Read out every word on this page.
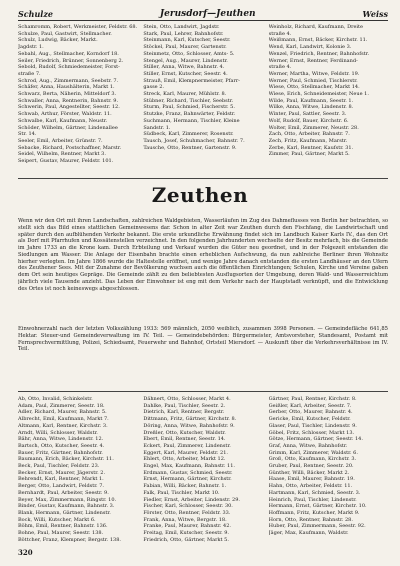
Schulze	Jerusdorf—Jeuthen	Weiss

Schamromm, Robert, Werkmeister, Feldstr. 68.

Schulze, Paul, Gastwirt, Stellmacher.

Schulz, Ludwig, Bäcker, Markt.

Jagdstr. 1.

Sebahl, Aug., Stellmacher, Korndorf 18.

Seiler, Friedrich, Brünner, Sonnenberg 2.

Sebold, Rudolf, Schmiedemeister, Forst-

straße 7.

Schrod, Aug., Zimmermann, Seebstr. 7.

Schäfer, Anna, Haushälterin, Markt 1.

Schwarz, Berta, Näherin, Mitteldorf 3.

Schwaller, Anna, Rentnerin, Bahnstr. 9.

Schwerin, Paul, Angestellter, Seestr. 12.

Schwab, Arthur, Förster, Waldstr. 11.

Schwalbe, Karl, Kaufmann, Neustr.

Schöder, Wilhelm, Gärtner, Lindenallee

Str. 14.

Seeler, Emil, Arbeiter, Grünstr. 7.

Sebacke, Richard, Postschaffner, Marstr.

Seidel, Wilhelm, Rentner, Markt 3.

Seipert, Gustav, Maurer, Feldstr. 101.

Stein, Otto, Landwirt, Jagdstr.

Stark, Paul, Lehrer, Bahnhofstr.

Steinmann, Karl, Kutscher, Seestr.

Stöckel, Paul, Maurer, Gartenstr.

Steinmetz, Otto, Schlosser, Amts- 5.

Stengel, Aug., Maurer, Lindenstr.

Stiller, Anna, Witwe, Bahnstr. 4.

Stiller, Ernst, Kutscher, Seestr. 4.

Strauß, Emil, Klempnermeister, Pfarr-

gasse 2.

Streck, Karl, Maurer, Mühlstr. 8.

Stübner, Richard, Tischler, Seebstr.

Sturm, Paul, Schmied, Fischerstr. 5.

Stutzke, Franz, Bahnwärter, Feldstr.

Suchmann, Hermann, Tischler, Kleine

Sandstr. 1.

Südbeck, Karl, Zimmerer, Rosenstr.

Tausch, Josef, Schuhmacher, Bahnstr. 7.

Tausche, Otto, Rentner, Gartenstr. 9.

Weinholz, Richard, Kaufmann, Dreite

straße 4.

Weißmann, Ernst, Bäcker, Kirchstr. 11.

Wend, Karl, Landwirt, Kolonie 3.

Wenzel, Friedrich, Rentner, Bahnhofstr.

Werner, Ernst, Rentner, Ferdinand-

straße 4.

Werner, Martha, Witwe, Feldstr. 19.

Werner, Paul, Schmied, Tischlerstr.

Wiese, Otto, Stellmacher, Markt 14.

Wiese, Erich, Schneidemeister, Neue 1.

Wilde, Paul, Kaufmann, Seestr. 1.

Wilke, Anna, Witwe, Lindenstr. 8.

Winter, Paul, Sattler, Seestr. 3.

Wolf, Rudolf, Bauer, Kirchstr. 6.

Wolter, Emil, Zimmerer, Neustr. 28.

Zach, Otto, Arbeiter, Bahnstr. 7.

Zech, Fritz, Kaufmann, Marstr.

Zerbe, Karl, Rentner, Kaufstr. 31.

Zimmer, Paul, Gärtner, Markt 5.

Zeuthen
Wenn wir den Ort mit ihren Landschaften, zahlreichen Waldgebieten, Wasserläufen im Zug des Dahmeflusses von Berlin her betrachten, so stellt sich das Bild eines stattlichen Gemeinwesens dar. Schon in alter Zeit war Zeuthen durch den Fischfang, die Landwirtschaft und später durch den aufblühenden Verkehr bekannt. Die erste urkundliche Erwähnung findet sich im Landbuch Kaiser Karls IV., das den Ort als Dorf mit Pfarrhufen und Kossätenstellen verzeichnet. In den folgenden Jahrhunderten wechselte der Besitz mehrfach, bis die Gemeinde im Jahre 1733 an die Krone kam. Durch Erbteilung und Verkauf wurden die Güter neu geordnet, und in der Folgezeit entstanden die Siedlungen am Wasser. Die Anlage der Eisenbahn brachte einen erheblichen Aufschwung, da nun zahlreiche Berliner ihren Wohnsitz hierher verlegten. Im Jahre 1866 wurde die Haltestelle eröffnet, und wenige Jahre danach entstanden die ersten Landhäuser an den Ufern des Zeuthener Sees. Mit der Zunahme der Bevölkerung wuchsen auch die öffentlichen Einrichtungen; Schulen, Kirche und Vereine gaben dem Ort sein heutiges Gepräge. Die Gemeinde zählt zu den beliebtesten Ausflugsorten der Umgebung, deren Wald- und Wasserreichtum jährlich viele Tausende anzieht. Das Leben der Einwohner ist eng mit dem Verkehr nach der Hauptstadt verknüpft, und die Entwicklung des Ortes ist noch keineswegs abgeschlossen.
Einwohnerzahl nach der letzten Volkszählung 1933: 569 männlich, 2050 weiblich, zusammen 3998 Personen. — Gemeindefläche 641,85 Hektar. Steuer-und Gemeindeverwaltung im IV. Teil. — Gemeindebehörden: Bürgermeister, Amtsvorsteher, Standesamt, Postamt mit Fernsprechvermittlung, Polizei, Schiedsamt, Feuerwehr und Bahnhof, Ortsteil Miersdorf. — Auskunft über die Verkehrsverhältnisse im IV. Teil.

Ab, Otto, Invalid, Schinkelstr.

Adam, Paul, Zimmerer, Seestr. 18.

Adler, Richard, Maurer, Bahnstr. 5.

Albrecht, Emil, Kaufmann, Markt 7.

Altmann, Karl, Rentner, Kirchstr. 3.

Arndt, Willi, Schlosser, Waldstr.

Bähr, Anna, Witwe, Lindenstr. 12.

Bartsch, Otto, Kutscher, Seestr. 4.

Bauer, Fritz, Gärtner, Bahnhofstr.

Baumann, Erich, Bäcker, Kirchstr. 11.

Beck, Paul, Tischler, Feldstr. 23.

Becker, Ernst, Maurer, Jägerstr. 2.

Behrendt, Karl, Rentner, Markt 1.

Berger, Otto, Landwirt, Feldstr. 7.

Bernhardt, Paul, Arbeiter, Seestr. 9.

Beyer, Max, Zimmermann, Ringstr. 10.

Binder, Gustav, Kaufmann, Bahnstr. 3.

Blank, Hermann, Gärtner, Lindenstr.

Bock, Willi, Kutscher, Markt 6.

Böhm, Emil, Rentner, Bahnstr. 136.

Bohne, Paul, Maurer, Seestr. 138.

Böttcher, Franz, Klempner, Bergstr. 138.

Dähnert, Otto, Schlosser, Markt 4.

Dahlke, Paul, Tischler, Seestr. 2.

Dietrich, Karl, Rentner, Bergstr.

Dittmann, Fritz, Gärtner, Kirchstr. 8.

Döring, Anna, Witwe, Bahnhofstr. 9.

Dreßler, Otto, Kutscher, Waldstr.

Ebert, Emil, Rentner, Seestr. 14.

Eckert, Paul, Zimmerer, Lindenstr.

Eggert, Karl, Maurer, Feldstr. 21.

Ehlert, Otto, Arbeiter, Markt 12.

Engel, Max, Kaufmann, Bahnstr. 11.

Erdmann, Gustav, Schmied, Seestr.

Ernst, Hermann, Gärtner, Kirchstr.

Fabian, Willi, Bäcker, Bahnstr. 1.

Falk, Paul, Tischler, Markt 10.

Fiedler, Ernst, Arbeiter, Lindenstr. 29.

Fischer, Karl, Schlosser, Seestr. 30.

Förster, Otto, Rentner, Feldstr. 33.

Frank, Anna, Witwe, Bergstr. 18.

Franke, Paul, Maurer, Bahnstr. 42.

Freitag, Emil, Kutscher, Seestr. 9.

Friedrich, Otto, Gärtner, Markt 5.

Gärtner, Paul, Rentner, Kirchstr. 8.

Geißler, Karl, Arbeiter, Seestr. 7.

Gerber, Otto, Maurer, Bahnstr. 4.

Gericke, Emil, Kutscher, Feldstr.

Glaser, Paul, Tischler, Lindenstr. 9.

Göbel, Fritz, Schlosser, Markt 13.

Götze, Hermann, Gärtner, Seestr. 14.

Graf, Anna, Witwe, Bahnhofstr.

Grimm, Karl, Zimmerer, Waldstr. 6.

Groß, Otto, Kaufmann, Kirchstr. 3.

Gruber, Paul, Rentner, Seestr. 20.

Günther, Willi, Bäcker, Markt 2.

Haase, Emil, Maurer, Bahnstr. 19.

Hahn, Otto, Arbeiter, Feldstr. 11.

Hartmann, Karl, Schmied, Seestr. 3.

Heinrich, Paul, Tischler, Lindenstr.

Hermann, Ernst, Gärtner, Kirchstr. 10.

Hoffmann, Fritz, Kutscher, Markt 9.

Horn, Otto, Rentner, Bahnstr. 28.

Huber, Paul, Zimmermann, Seestr. 92.

Jäger, Max, Kaufmann, Waldstr.

320
